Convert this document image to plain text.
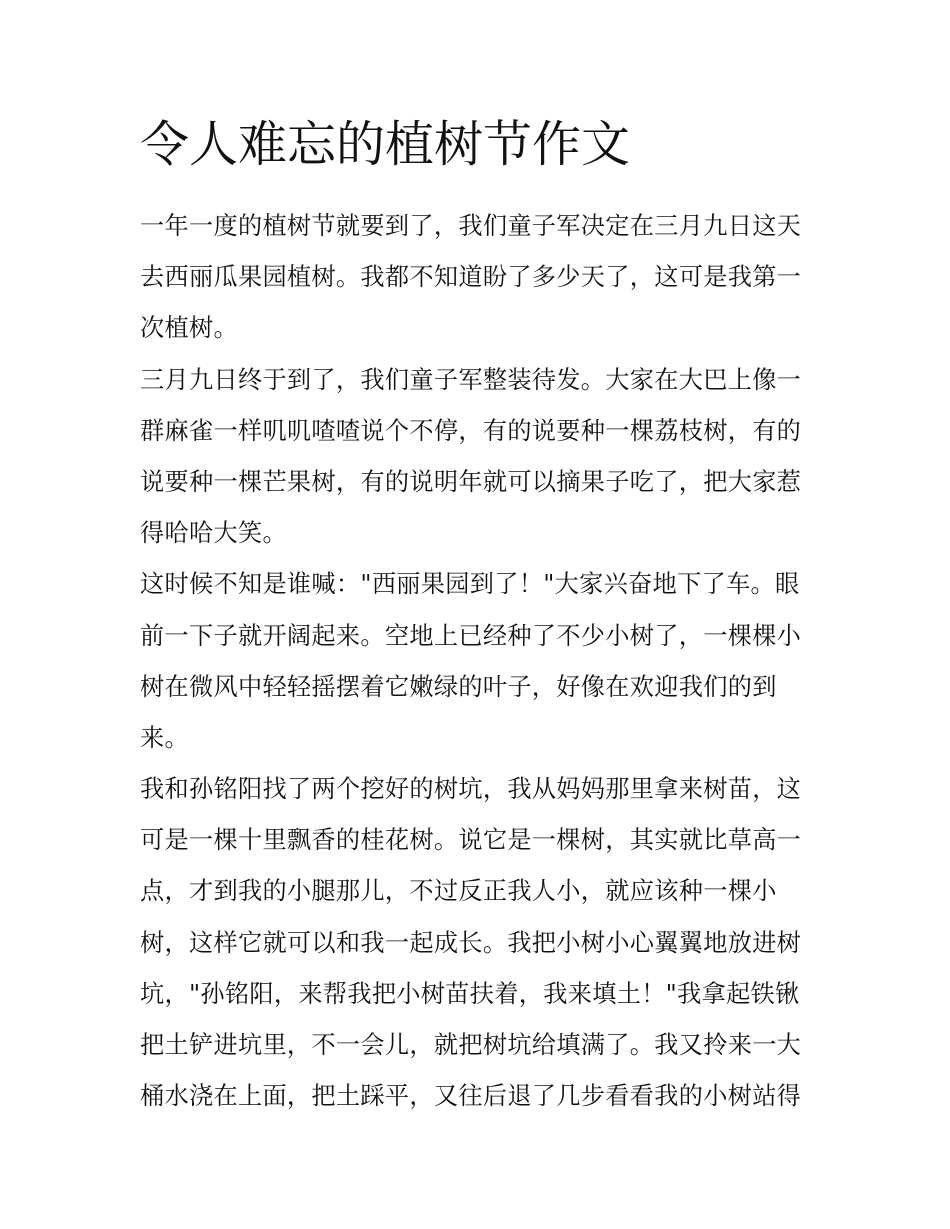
令人难忘的植树节作文

一年一度的植树节就要到了，我们童子军决定在三月九日这天
去西丽瓜果园植树。我都不知道盼了多少天了，这可是我第一
次植树。

三月九日终于到了，我们童子军整装待发。大家在大巴上像一
群麻雀一样叽叽喳喳说个不停，有的说要种一棵荔枝树，有的
说要种一棵芒果树，有的说明年就可以摘果子吃了，把大家惹
得哈哈大笑。

这时候不知是谁喊："西丽果园到了！"大家兴奋地下了车。眼
前一下子就开阔起来。空地上已经种了不少小树了，一棵棵小
树在微风中轻轻摇摆着它嫩绿的叶子，好像在欢迎我们的到
来。

我和孙铭阳找了两个挖好的树坑，我从妈妈那里拿来树苗，这
可是一棵十里飘香的桂花树。说它是一棵树，其实就比草高一
点，才到我的小腿那儿，不过反正我人小，就应该种一棵小
树，这样它就可以和我一起成长。我把小树小心翼翼地放进树
坑，"孙铭阳，来帮我把小树苗扶着，我来填土！"我拿起铁锹
把土铲进坑里，不一会儿，就把树坑给填满了。我又拎来一大
桶水浇在上面，把土踩平，又往后退了几步看看我的小树站得
